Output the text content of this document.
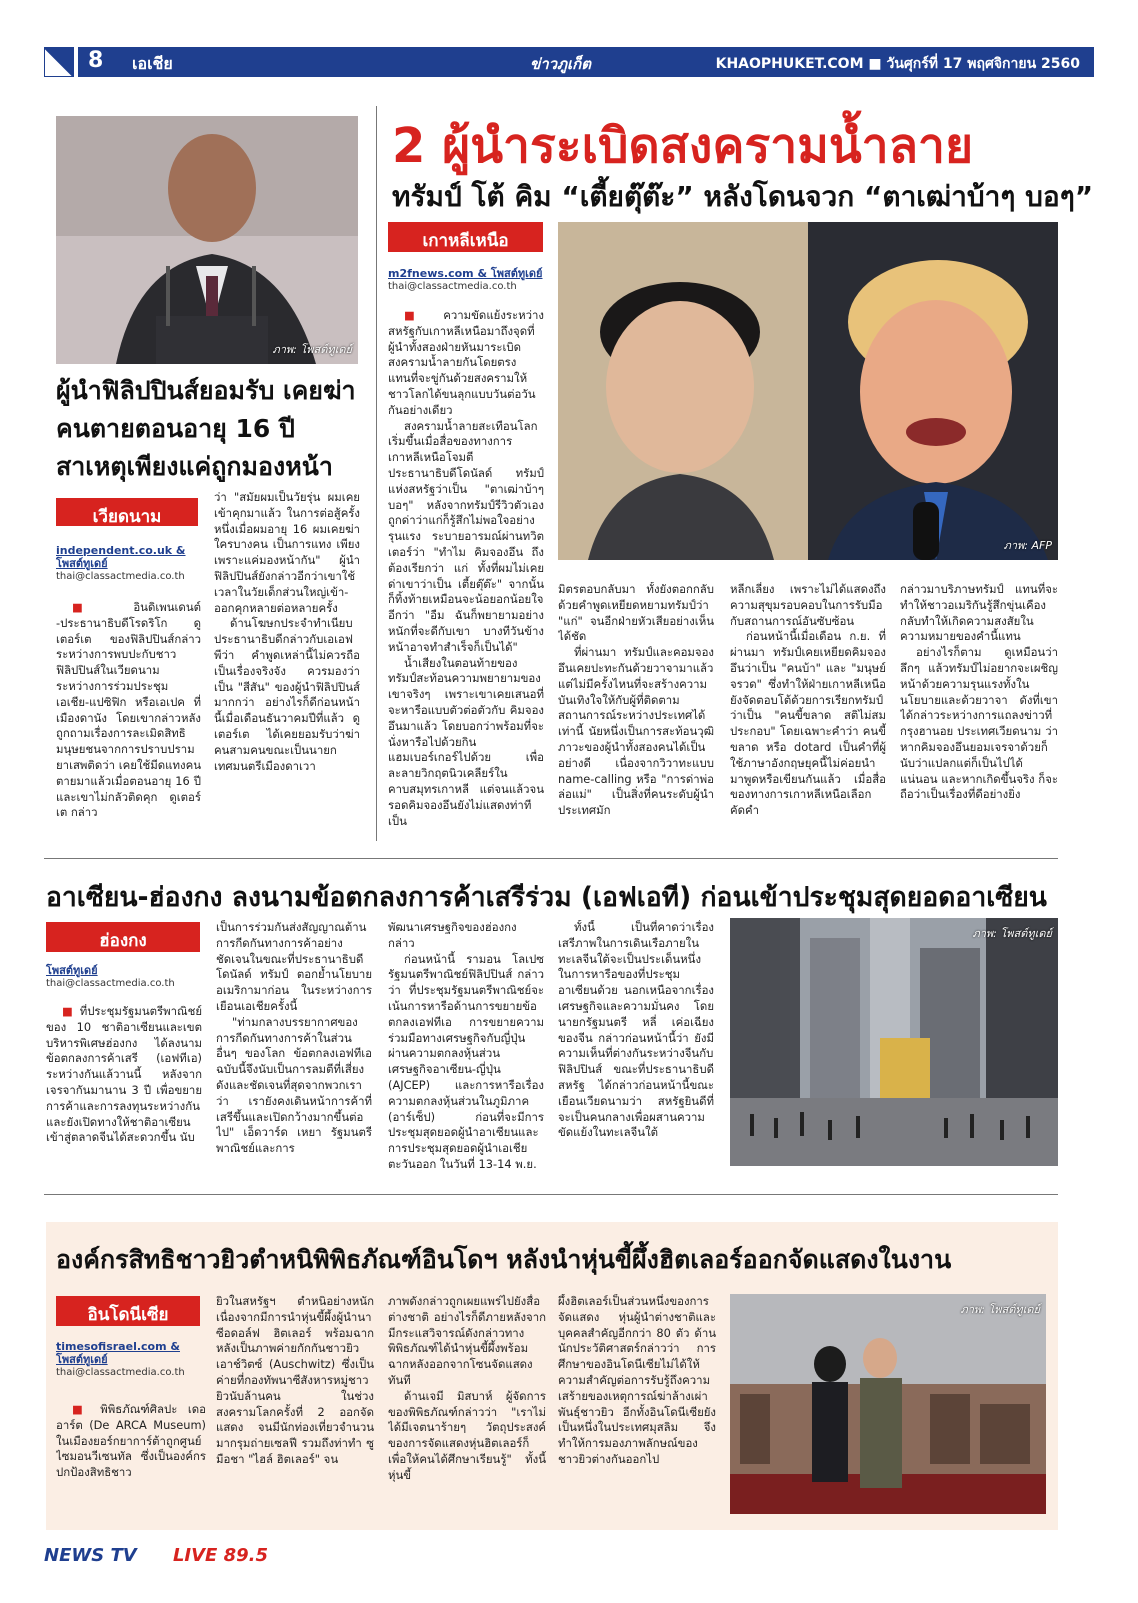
8 เอเชีย	ข่าวภูเก็ต	KHAOPHUKET.COM ■ วันศุกร์ที่ 17 พฤศจิกายน 2560
ภาพ: โพสต์ทูเดย์
ผู้นำฟิลิปปินส์ยอมรับ เคยฆ่าคนตายตอนอายุ 16 ปี สาเหตุเพียงแค่ถูกมองหน้า
เวียดนาม
independent.co.uk & โพสต์ทูเดย์
thai@classactmedia.co.th

■ อินดิเพนเดนต์ -ประธานาธิบดีโรดริโก ดูเตอร์เต ของฟิลิปปินส์กล่าวระหว่างการพบปะกับชาวฟิลิปปินส์ในเวียดนาม ระหว่างการร่วมประชุมเอเชีย-แปซิฟิก หรือเอเปค ที่เมืองดานัง โดยเขากล่าวหลังถูกถามเรื่องการละเมิดสิทธิมนุษยชนจากการปราบปรามยาเสพติดว่า เคยใช้มีดแทงคนตายมาแล้วเมื่อตอนอายุ 16 ปี และเขาไม่กลัวติดคุก ดูเตอร์เต กล่าว

ว่า "สมัยผมเป็นวัยรุ่น ผมเคยเข้าคุกมาแล้ว ในการต่อสู้ครั้งหนึ่งเมื่อผมอายุ 16 ผมเคยฆ่าใครบางคน เป็นการแทง เพียงเพราะแค่มองหน้ากัน" ผู้นำฟิลิปปินส์ยังกล่าวอีกว่าเขาใช้เวลาในวัยเด็กส่วนใหญ่เข้า-ออกคุกหลายต่อหลายครั้ง

ด้านโฆษกประจำทำเนียบประธานาธิบดีกล่าวกับเอเอฟพีว่า คำพูดเหล่านี้ไม่ควรถือเป็นเรื่องจริงจัง ควรมองว่าเป็น "สีสัน" ของผู้นำฟิลิปปินส์มากกว่า อย่างไรก็ดีก่อนหน้านี้เมื่อเดือนธันวาคมปีที่แล้ว ดูเตอร์เต ได้เคยยอมรับว่าฆ่าคนสามคนขณะเป็นนายกเทศมนตรีเมืองดาเวา

2 ผู้นำระเบิดสงครามน้ำลาย
ทรัมป์ โต้ คิม “เตี้ยตุ๊ต๊ะ” หลังโดนจวก “ตาเฒ่าบ้าๆ บอๆ”
เกาหลีเหนือ
m2fnews.com & โพสต์ทูเดย์
thai@classactmedia.co.th
ภาพ: AFP

■ ความขัดแย้งระหว่างสหรัฐกับเกาหลีเหนือมาถึงจุดที่ผู้นำทั้งสองฝ่ายหันมาระเบิดสงครามน้ำลายกันโดยตรง แทนที่จะขู่กันด้วยสงครามให้ชาวโลกได้ขนลุกแบบวันต่อวันกันอย่างเดียว

สงครามน้ำลายสะเทือนโลกเริ่มขึ้นเมื่อสื่อของทางการเกาหลีเหนือโจมตี ประธานาธิบดีโดนัลด์ ทรัมป์ แห่งสหรัฐว่าเป็น "ตาเฒ่าบ้าๆ บอๆ" หลังจากทรัมป์รีวิวตัวเองถูกด่าว่าแก่ก็รู้สึกไม่พอใจอย่างรุนแรง ระบายอารมณ์ผ่านทวิตเตอร์ว่า "ทำไม คิมจองอึน ถึงต้องเรียกว่า แก่ ทั้งที่ผมไม่เคยด่าเขาว่าเป็น เตี้ยตุ๊ต๊ะ" จากนั้นก็ทิ้งท้ายเหมือนจะน้อยอกน้อยใจอีกว่า "อืม ฉันก็พยายามอย่างหนักที่จะดีกับเขา บางทีวันข้างหน้าอาจทำสำเร็จก็เป็นได้"

น้ำเสียงในตอนท้ายของทรัมป์สะท้อนความพยายามของเขาจริงๆ เพราะเขาเคยเสนอที่จะหารือแบบตัวต่อตัวกับ คิมจองอึนมาแล้ว โดยบอกว่าพร้อมที่จะนั่งหารือไปด้วยกินแฮมเบอร์เกอร์ไปด้วย เพื่อละลายวิกฤตนิวเคลียร์ในคาบสมุทรเกาหลี แต่จนแล้วจนรอดคิมจองอึนยังไม่แสดงท่าทีเป็น

มิตรตอบกลับมา ทั้งยังตอกกลับด้วยคำพูดเหยียดหยามทรัมป์ว่า "แก่" จนอีกฝ่ายหัวเสียอย่างเห็นได้ชัด

ที่ผ่านมา ทรัมป์และคอมจองอึนเคยปะทะกันด้วยวาจามาแล้ว แต่ไม่มีครั้งไหนที่จะสร้างความบันเทิงใจให้กับผู้ที่ติดตามสถานการณ์ระหว่างประเทศได้เท่านี้ นัยหนึ่งเป็นการสะท้อนวุฒิภาวะของผู้นำทั้งสองคนได้เป็นอย่างดี เนื่องจากวิวาทะแบบ name-calling หรือ "การด่าพ่อล่อแม่" เป็นสิ่งที่คนระดับผู้นำประเทศมัก

หลีกเลี่ยง เพราะไม่ได้แสดงถึงความสุขุมรอบคอบในการรับมือกับสถานการณ์อันซับซ้อน

ก่อนหน้านี้เมื่อเดือน ก.ย. ที่ผ่านมา ทรัมป์เคยเหยียดคิมจองอึนว่าเป็น "คนบ้า" และ "มนุษย์จรวด" ซึ่งทำให้ฝ่ายเกาหลีเหนือยังจัดตอบโต้ด้วยการเรียกทรัมป์ว่าเป็น "คนขี้ขลาด สติไม่สมประกอบ" โดยเฉพาะคำว่า คนขี้ขลาด หรือ dotard เป็นคำที่ผู้ใช้ภาษาอังกฤษยุคนี้ไม่ค่อยนำมาพูดหรือเขียนกันแล้ว เมื่อสื่อของทางการเกาหลีเหนือเลือกคัดคำ

กล่าวมาบริภาษทรัมป์ แทนที่จะทำให้ชาวอเมริกันรู้สึกขุ่นเคืองกลับทำให้เกิดความสงสัยในความหมายของคำนี้แทน

อย่างไรก็ตาม ดูเหมือนว่าลึกๆ แล้วทรัมป์ไม่อยากจะเผชิญหน้าด้วยความรุนแรงทั้งในนโยบายและด้วยวาจา ดังที่เขาได้กล่าวระหว่างการแถลงข่าวที่กรุงฮานอย ประเทศเวียดนาม ว่า หากคิมจองอึนยอมเจรจาด้วยก็นับว่าแปลกแต่ก็เป็นไปได้แน่นอน และหากเกิดขึ้นจริง ก็จะถือว่าเป็นเรื่องที่ดีอย่างยิ่ง

อาเซียน-ฮ่องกง ลงนามข้อตกลงการค้าเสรีร่วม (เอฟเอที) ก่อนเข้าประชุมสุดยอดอาเซียน
ฮ่องกง
โพสต์ทูเดย์
thai@classactmedia.co.th

■ ที่ประชุมรัฐมนตรีพาณิชย์ของ 10 ชาติอาเซียนและเขตบริหารพิเศษฮ่องกง ได้ลงนามข้อตกลงการค้าเสรี (เอฟทีเอ) ระหว่างกันแล้วานนี้ หลังจากเจรจากันมานาน 3 ปี เพื่อขยายการค้าและการลงทุนระหว่างกันและยังเปิดทางให้ชาติอาเซียนเข้าสู่ตลาดจีนได้สะดวกขึ้น นับ

เป็นการร่วมกันส่งสัญญาณต้านการกีดกันทางการค้าอย่างชัดเจนในขณะที่ประธานาธิบดีโดนัลด์ ทรัมป์ ตอกย้ำนโยบายอเมริกามาก่อน ในระหว่างการเยือนเอเชียครั้งนี้

"ท่ามกลางบรรยากาศของการกีดกันทางการค้าในส่วนอื่นๆ ของโลก ข้อตกลงเอฟทีเอฉบับนี้จึงนับเป็นการลมตีที่เสี่ยงดังและชัดเจนที่สุดจากพวกเราว่า เรายังคงเดินหน้าการค้าที่เสรีขึ้นและเปิดกว้างมากขึ้นต่อไป" เอ็ดวาร์ด เหยา รัฐมนตรีพาณิชย์และการ

พัฒนาเศรษฐกิจของฮ่องกง กล่าว

ก่อนหน้านี้ รามอน โลเปซ รัฐมนตรีพาณิชย์ฟิลิปปินส์ กล่าวว่า ที่ประชุมรัฐมนตรีพาณิชย์จะเน้นการหารือด้านการขยายข้อตกลงเอฟทีเอ การขยายความร่วมมือทางเศรษฐกิจกับญี่ปุ่นผ่านความตกลงหุ้นส่วนเศรษฐกิจอาเซียน-ญี่ปุ่น (AJCEP) และการหารือเรื่องความตกลงหุ้นส่วนในภูมิภาค (อาร์เซ็ป) ก่อนที่จะมีการประชุมสุดยอดผู้นำอาเซียนและการประชุมสุดยอดผู้นำเอเชียตะวันออก ในวันที่ 13-14 พ.ย.

ทั้งนี้ เป็นที่คาดว่าเรื่องเสรีภาพในการเดินเรือภายในทะเลจีนใต้จะเป็นประเด็นหนึ่งในการหารือของที่ประชุมอาเซียนด้วย นอกเหนือจากเรื่องเศรษฐกิจและความมั่นคง โดยนายกรัฐมนตรี หลี่ เค่อเฉียง ของจีน กล่าวก่อนหน้านี้ว่า ยังมีความเห็นที่ต่างกันระหว่างจีนกับฟิลิปปินส์ ขณะที่ประธานาธิบดีสหรัฐ ได้กล่าวก่อนหน้านี้ขณะเยือนเวียดนามว่า สหรัฐยินดีที่จะเป็นคนกลางเพื่อผสานความขัดแย้งในทะเลจีนใต้

ภาพ: โพสต์ทูเดย์
องค์กรสิทธิชาวยิวตำหนิพิพิธภัณฑ์อินโดฯ หลังนำหุ่นขี้ผึ้งฮิตเลอร์ออกจัดแสดงในงาน
อินโดนีเซีย
timesofisrael.com & โพสต์ทูเดย์
thai@classactmedia.co.th

■ พิพิธภัณฑ์ศิลปะ เดอ อาร์ต (De ARCA Museum) ในเมืองยอร์กยาการ์ต้าถูกศูนย์ไซมอนวีเซนทัล ซึ่งเป็นองค์กรปกป้องสิทธิชาว

ยิวในสหรัฐฯ ตำหนิอย่างหนัก เนื่องจากมีการนำหุ่นขี้ผึ้งผู้นำนาซีอดอล์ฟ ฮิตเลอร์ พร้อมฉากหลังเป็นภาพค่ายกักกันชาวยิวเอาช์วิตซ์ (Auschwitz) ซึ่งเป็นค่ายที่กองทัพนาซีสังหารหมู่ชาวยิวนับล้านคน ในช่วงสงครามโลกครั้งที่ 2 ออกจัดแสดง จนมีนักท่องเที่ยวจำนวนมากรุมถ่ายเซลฟี รวมถึงท่าทำ ซูมือชา "ไฮล์ ฮิตเลอร์" จน

ภาพดังกล่าวถูกเผยแพร่ไปยังสื่อต่างชาติ อย่างไรก็ดีภายหลังจากมีกระแสวิจารณ์ดังกล่าวทางพิพิธภัณฑ์ได้นำหุ่นขี้ผึ้งพร้อมฉากหลังออกจากโซนจัดแสดงทันที

ด้านเจมี มิสบาห์ ผู้จัดการของพิพิธภัณฑ์กล่าวว่า "เราไม่ได้มีเจตนาร้ายๆ วัตถุประสงค์ของการจัดแสดงหุ่นฮิตเลอร์ก็เพื่อให้คนได้ศึกษาเรียนรู้" ทั้งนี้ หุ่นขี้

ผึ้งฮิตเลอร์เป็นส่วนหนึ่งของการจัดแสดง หุ่นผู้นำต่างชาติและบุคคลสำคัญอีกกว่า 80 ตัว ด้านนักประวัติศาสตร์กล่าวว่า การศึกษาของอินโดนีเซียไม่ได้ให้ความสำคัญต่อการรับรู้ถึงความเสร้ายของเหตุการณ์ฆ่าล้างเผ่าพันธุ์ชาวยิว อีกทั้งอินโดนีเซียยังเป็นหนึ่งในประเทศมุสลิม จึงทำให้การมองภาพลักษณ์ของชาวยิวต่างกันออกไป

ภาพ: โพสต์ทูเดย์
NEWS TV LIVE 89.5
